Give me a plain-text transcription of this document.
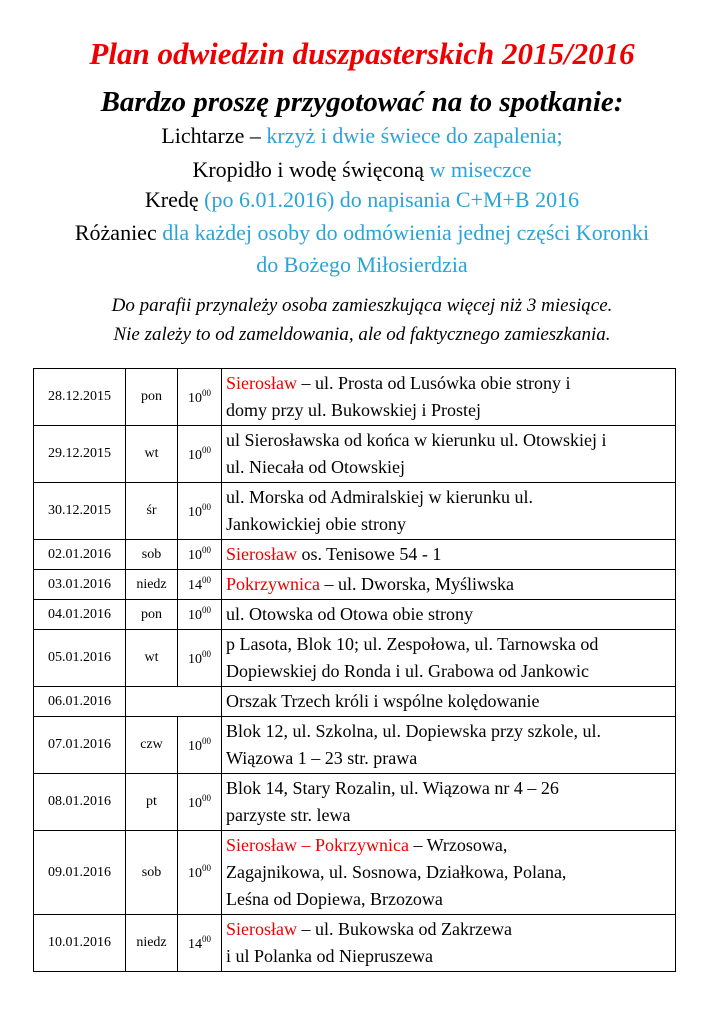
Plan odwiedzin duszpasterskich 2015/2016
Bardzo proszę przygotować na to spotkanie:
Lichtarze – krzyż i dwie świece do zapalenia;
Kropidło i wodę święconą w miseczce
Kredę (po 6.01.2016) do napisania C+M+B 2016
Różaniec dla każdej osoby do odmówienia jednej części Koronki
do Bożego Miłosierdzia
Do parafii przynależy osoba zamieszkująca więcej niż 3 miesiące.
Nie zależy to od zameldowania, ale od faktycznego zamieszkania.
28.12.2015	pon	$10^{00}$	Sierosław – ul. Prosta od Lusówka obie strony i
domy przy ul. Bukowskiej i Prostej

29.12.2015	wt	$10^{00}$	ul Sierosławska od końca w kierunku ul. Otowskiej i
ul. Niecała od Otowskiej

30.12.2015	śr	$10^{00}$	ul. Morska od Admiralskiej w kierunku ul.
Jankowickiej obie strony

02.01.2016	sob	$10^{00}$	Sierosław os. Tenisowe 54 - 1

03.01.2016	niedz	$14^{00}$	Pokrzywnica – ul. Dworska, Myśliwska

04.01.2016	pon	$10^{00}$	ul. Otowska od Otowa obie strony

05.01.2016	wt	$10^{00}$	p Lasota, Blok 10; ul. Zespołowa, ul. Tarnowska od
Dopiewskiej do Ronda i ul. Grabowa od Jankowic

06.01.2016			Orszak Trzech króli i wspólne kolędowanie

07.01.2016	czw	$10^{00}$	Blok 12, ul. Szkolna, ul. Dopiewska przy szkole, ul.
Wiązowa 1 – 23 str. prawa

08.01.2016	pt	$10^{00}$	Blok 14, Stary Rozalin, ul. Wiązowa nr 4 – 26
parzyste str. lewa

09.01.2016	sob	$10^{00}$	Sierosław – Pokrzywnica – Wrzosowa,
Zagajnikowa, ul. Sosnowa, Działkowa, Polana,
Leśna od Dopiewa, Brzozowa

10.01.2016	niedz	$14^{00}$	Sierosław – ul. Bukowska od Zakrzewa
i ul Polanka od Niepruszewa
